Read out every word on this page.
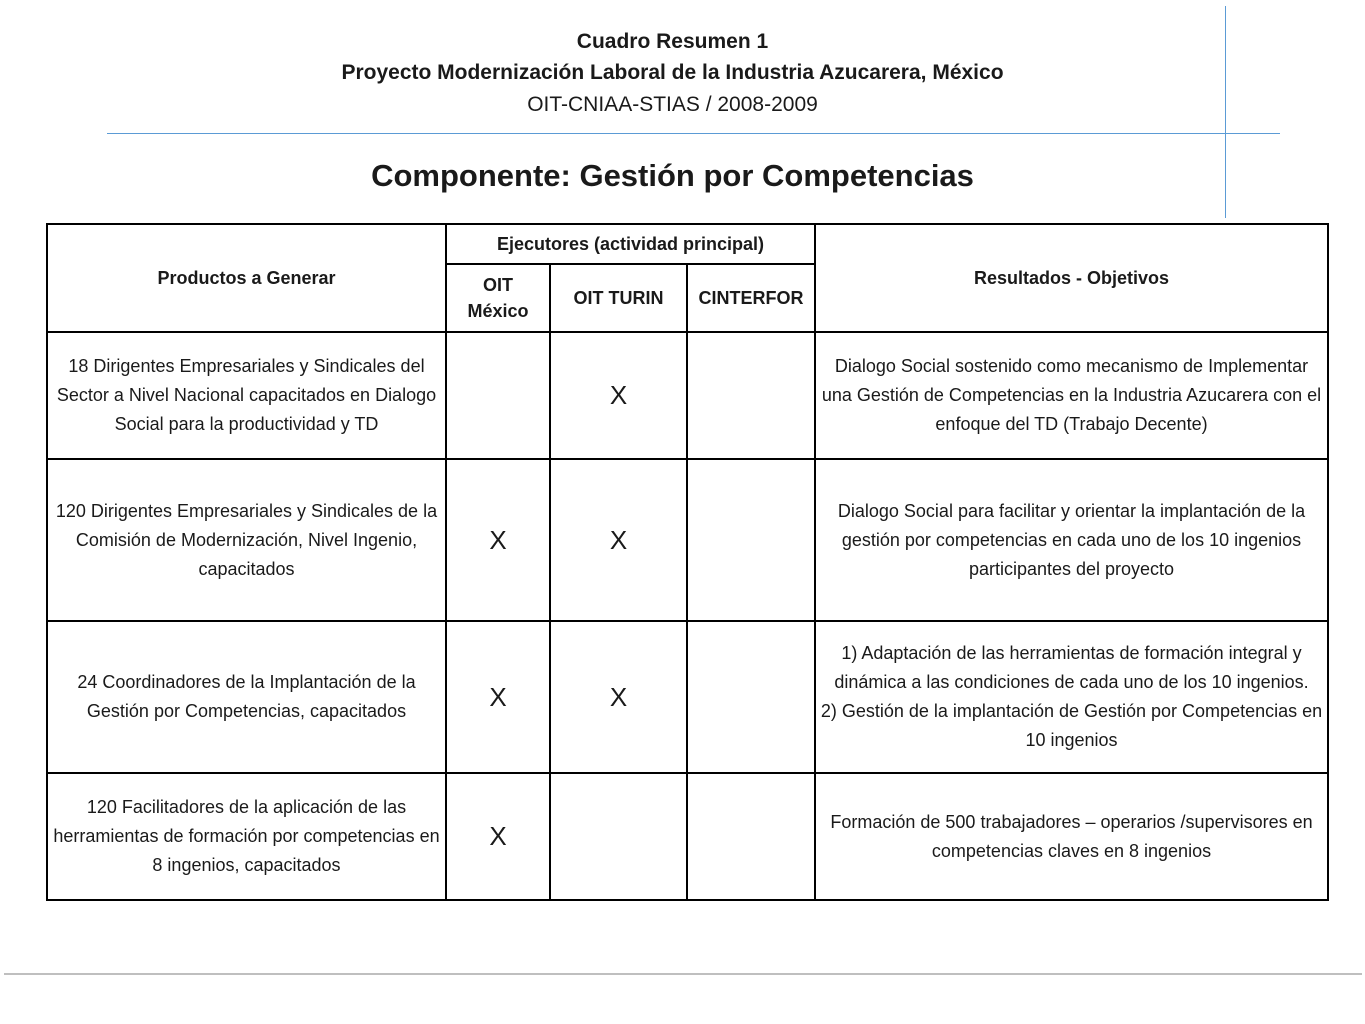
Cuadro Resumen 1
Proyecto Modernización Laboral de la Industria Azucarera, México
OIT-CNIAA-STIAS / 2008-2009
Componente: Gestión por Competencias
Productos a Generar	Ejecutores (actividad principal)			Resultados - Objetivos
	OIT México	OIT TURIN	CINTERFOR	
18 Dirigentes Empresariales y Sindicales del Sector a Nivel Nacional capacitados en Dialogo Social para la productividad y TD		X		Dialogo Social sostenido como mecanismo de Implementar una Gestión de Competencias en la Industria Azucarera con el enfoque del TD (Trabajo Decente)
120 Dirigentes Empresariales y Sindicales de la Comisión de Modernización, Nivel Ingenio, capacitados	X	X		Dialogo Social para facilitar y orientar la implantación de la gestión por competencias en cada uno de los 10 ingenios participantes del proyecto
24 Coordinadores de la Implantación de la Gestión por Competencias, capacitados	X	X		1) Adaptación de las herramientas de formación integral y dinámica a las condiciones de cada uno de los 10 ingenios.
2) Gestión de la implantación de Gestión por Competencias en 10 ingenios

120 Facilitadores de la aplicación de las herramientas de formación por competencias en 8 ingenios, capacitados	X			Formación de 500 trabajadores – operarios /supervisores en competencias claves en 8 ingenios
